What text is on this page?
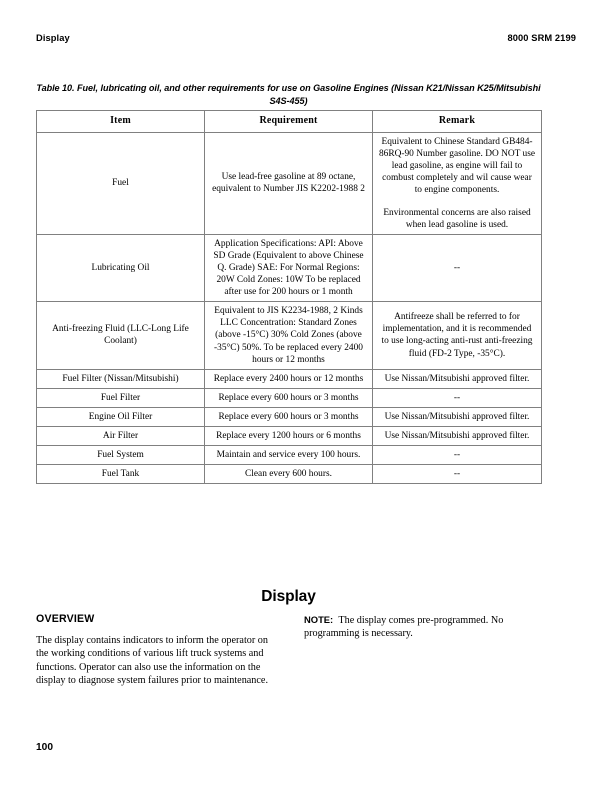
Display	8000 SRM 2199
Table 10. Fuel, lubricating oil, and other requirements for use on Gasoline Engines (Nissan K21/Nissan K25/Mitsubishi S4S-455)
Item	Requirement	Remark
Fuel	Use lead-free gasoline at 89 octane, equivalent to Number JIS K2202-1988 2	Equivalent to Chinese Standard GB484-86RQ-90 Number gasoline. DO NOT use lead gasoline, as engine will fail to combust completely and wil cause wear to engine components.

Environmental concerns are also raised when lead gasoline is used.

Lubricating Oil	Application Specifications: API: Above SD Grade (Equivalent to above Chinese Q. Grade) SAE: For Normal Regions: 20W Cold Zones: 10W To be replaced after use for 200 hours or 1 month	--
Anti-freezing Fluid (LLC-Long Life Coolant)	Equivalent to JIS K2234-1988, 2 Kinds LLC Concentration: Standard Zones (above -15°C) 30% Cold Zones (above -35°C) 50%. To be replaced every 2400 hours or 12 months	Antifreeze shall be referred to for implementation, and it is recommended to use long-acting anti-rust anti-freezing fluid (FD-2 Type, -35°C).
Fuel Filter (Nissan/Mitsubishi)	Replace every 2400 hours or 12 months	Use Nissan/Mitsubishi approved filter.
Fuel Filter	Replace every 600 hours or 3 months	--
Engine Oil Filter	Replace every 600 hours or 3 months	Use Nissan/Mitsubishi approved filter.
Air Filter	Replace every 1200 hours or 6 months	Use Nissan/Mitsubishi approved filter.
Fuel System	Maintain and service every 100 hours.	--
Fuel Tank	Clean every 600 hours.	--
Display
OVERVIEW

The display contains indicators to inform the operator on the working conditions of various lift truck systems and functions. Operator can also use the information on the display to diagnose system failures prior to maintenance.

NOTE: The display comes pre-programmed. No programming is necessary.

100
